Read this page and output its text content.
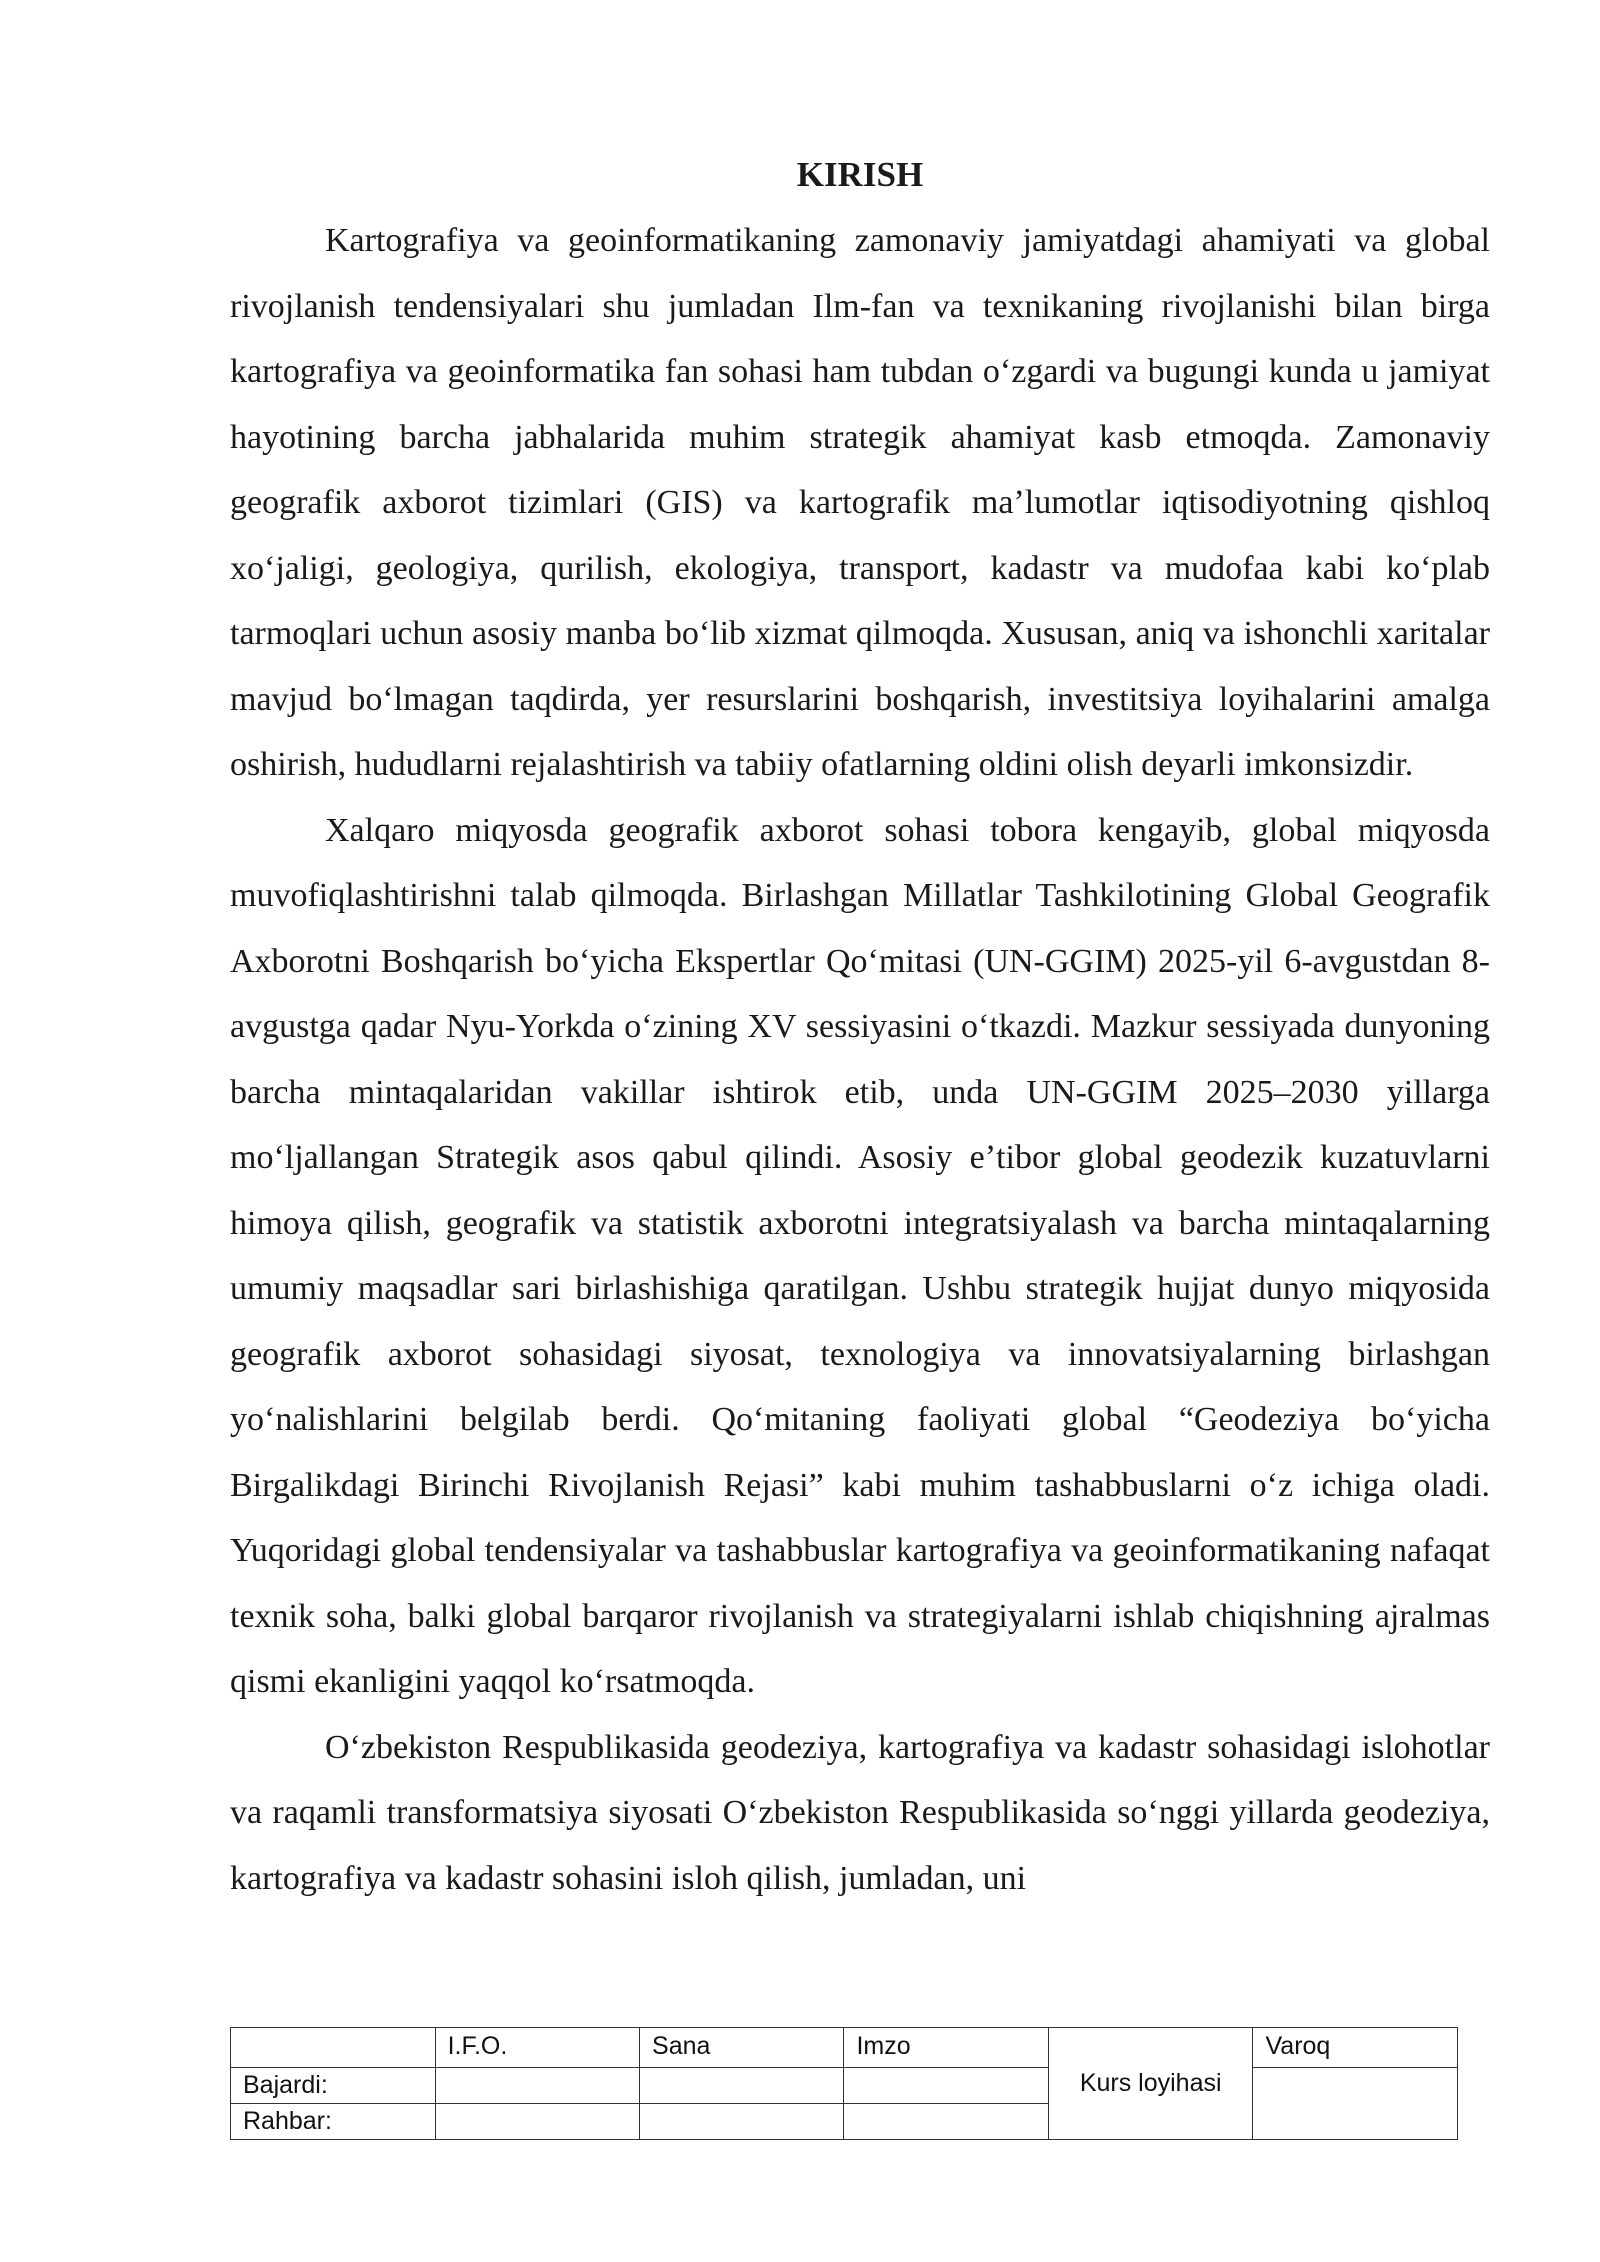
KIRISH

Kartografiya va geoinformatikaning zamonaviy jamiyatdagi ahamiyati va global rivojlanish tendensiyalari shu jumladan Ilm-fan va texnikaning rivojlanishi bilan birga kartografiya va geoinformatika fan sohasi ham tubdan oʻzgardi va bugungi kunda u jamiyat hayotining barcha jabhalarida muhim strategik ahamiyat kasb etmoqda. Zamonaviy geografik axborot tizimlari (GIS) va kartografik maʼlumotlar iqtisodiyotning qishloq xoʻjaligi, geologiya, qurilish, ekologiya, transport, kadastr va mudofaa kabi koʻplab tarmoqlari uchun asosiy manba boʻlib xizmat qilmoqda. Xususan, aniq va ishonchli xaritalar mavjud boʻlmagan taqdirda, yer resurslarini boshqarish, investitsiya loyihalarini amalga oshirish, hududlarni rejalashtirish va tabiiy ofatlarning oldini olish deyarli imkonsizdir.

Xalqaro miqyosda geografik axborot sohasi tobora kengayib, global miqyosda muvofiqlashtirishni talab qilmoqda. Birlashgan Millatlar Tashkilotining Global Geografik Axborotni Boshqarish boʻyicha Ekspertlar Qoʻmitasi (UN-GGIM) 2025-yil 6-avgustdan 8-avgustga qadar Nyu-Yorkda oʻzining XV sessiyasini oʻtkazdi. Mazkur sessiyada dunyoning barcha mintaqalaridan vakillar ishtirok etib, unda UN-GGIM 2025–2030 yillarga moʻljallangan Strategik asos qabul qilindi. Asosiy eʼtibor global geodezik kuzatuvlarni himoya qilish, geografik va statistik axborotni integratsiyalash va barcha mintaqalarning umumiy maqsadlar sari birlashishiga qaratilgan. Ushbu strategik hujjat dunyo miqyosida geografik axborot sohasidagi siyosat, texnologiya va innovatsiyalarning birlashgan yoʻnalishlarini belgilab berdi. Qoʻmitaning faoliyati global “Geodeziya boʻyicha Birgalikdagi Birinchi Rivojlanish Rejasi” kabi muhim tashabbuslarni oʻz ichiga oladi. Yuqoridagi global tendensiyalar va tashabbuslar kartografiya va geoinformatikaning nafaqat texnik soha, balki global barqaror rivojlanish va strategiyalarni ishlab chiqishning ajralmas qismi ekanligini yaqqol koʻrsatmoqda.

Oʻzbekiston Respublikasida geodeziya, kartografiya va kadastr sohasidagi islohotlar va raqamli transformatsiya siyosati Oʻzbekiston Respublikasida soʻnggi yillarda geodeziya, kartografiya va kadastr sohasini isloh qilish, jumladan, uni

	I.F.O.	Sana	Imzo	Kurs loyihasi	Varoq
Bajardi:					
Rahbar:					
